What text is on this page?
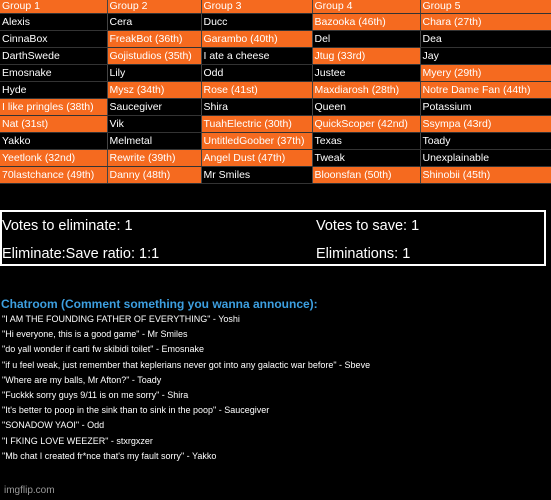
Group 1	Group 2	Group 3	Group 4	Group 5
Alexis	Cera	Ducc	Bazooka (46th)	Chara (27th)
CinnaBox	FreakBot (36th)	Garambo (40th)	Del	Dea
DarthSwede	Gojistudios (35th)	I ate a cheese	Jtug (33rd)	Jay
Emosnake	Lily	Odd	Justee	Myery (29th)
Hyde	Mysz (34th)	Rose (41st)	Maxdiarosh (28th)	Notre Dame Fan (44th)
I like pringles (38th)	Saucegiver	Shira	Queen	Potassium
Nat (31st)	Vik	TuahElectric (30th)	QuickScoper (42nd)	Ssympa (43rd)
Yakko	Melmetal	UntitledGoober (37th)	Texas	Toady
Yeetlonk (32nd)	Rewrite (39th)	Angel Dust (47th)	Tweak	Unexplainable
70lastchance (49th)	Danny (48th)	Mr Smiles	Bloonsfan (50th)	Shinobii (45th)
Votes to eliminate: 1	Votes to save: 1
Eliminate:Save ratio: 1:1	Eliminations: 1
Chatroom (Comment something you wanna announce):
"I AM THE FOUNDING FATHER OF EVERYTHING" - Yoshi
"Hi everyone, this is a good game" - Mr Smiles
"do yall wonder if carti fw skibidi toilet" - Emosnake
"if u feel weak, just remember that keplerians never got into any galactic war before" - Sbeve
"Where are my balls, Mr Afton?" - Toady
"Fuckkk sorry guys 9/11 is on me sorry" - Shira
"It's better to poop in the sink than to sink in the poop" - Saucegiver
"SONADOW YAOI" - Odd
"I FKING LOVE WEEZER" - stxrgxzer
"Mb chat I created fr*nce that's my fault sorry" - Yakko
imgflip.com
